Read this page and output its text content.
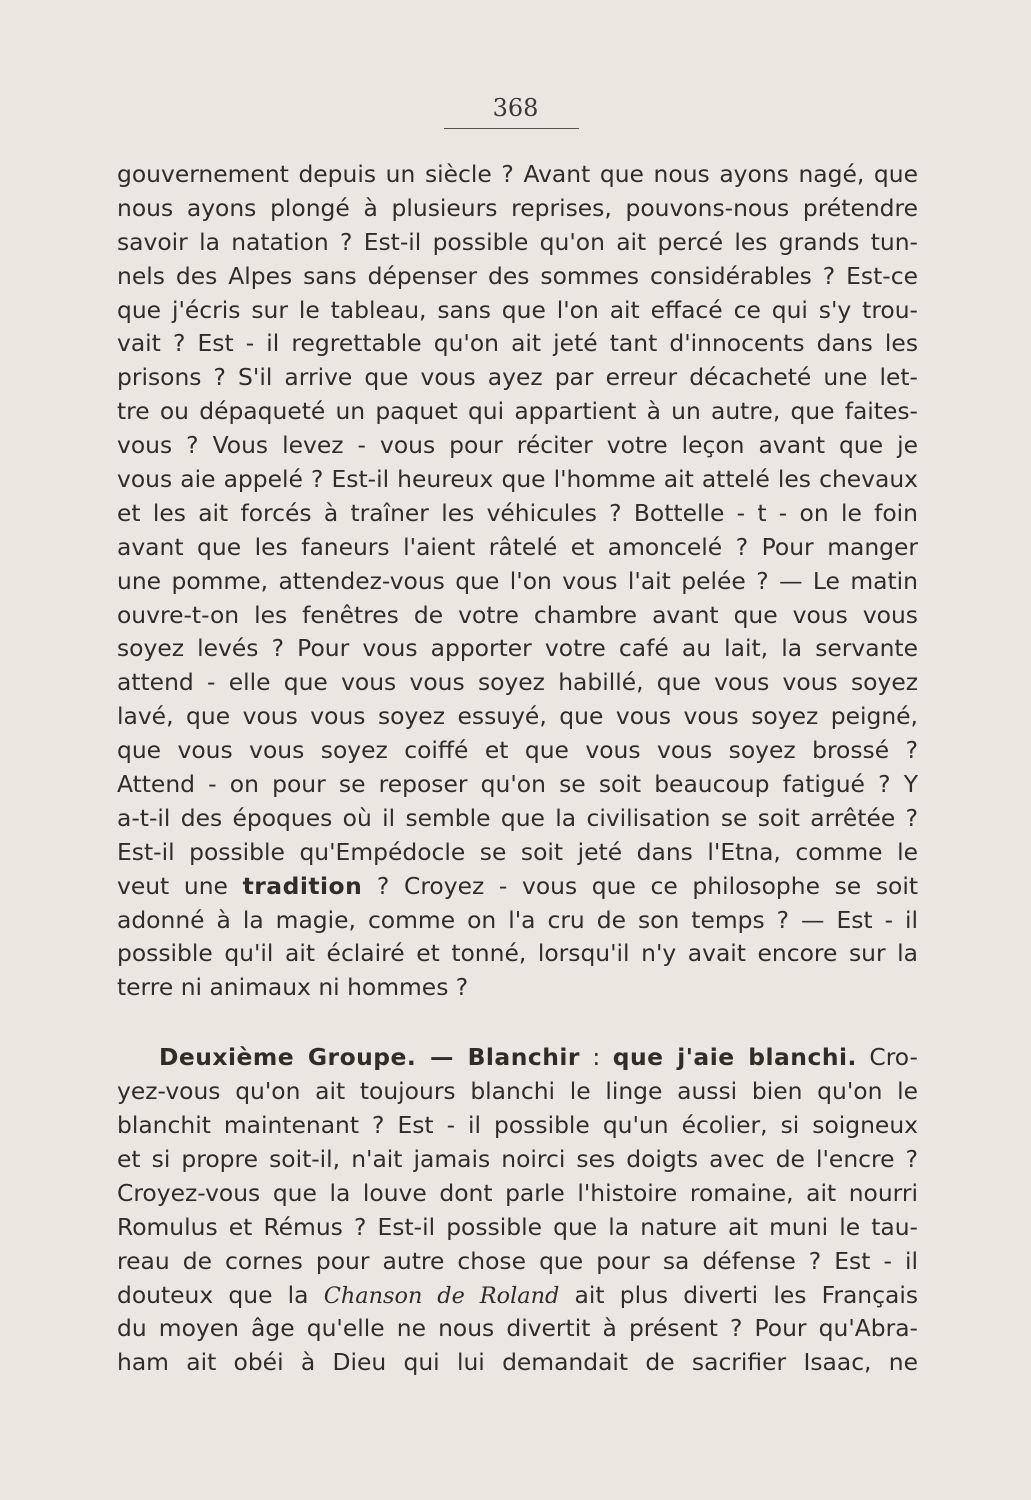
368
gouvernement depuis un siècle ? Avant que nous ayons nagé, que
nous ayons plongé à plusieurs reprises, pouvons-nous prétendre
savoir la natation ? Est-il possible qu'on ait percé les grands tun-
nels des Alpes sans dépenser des sommes considérables ? Est-ce
que j'écris sur le tableau, sans que l'on ait effacé ce qui s'y trou-
vait ? Est - il regrettable qu'on ait jeté tant d'innocents dans les
prisons ? S'il arrive que vous ayez par erreur décacheté une let-
tre ou dépaqueté un paquet qui appartient à un autre, que faites-
vous ? Vous levez - vous pour réciter votre leçon avant que je
vous aie appelé ? Est-il heureux que l'homme ait attelé les chevaux
et les ait forcés à traîner les véhicules ? Bottelle - t - on le foin
avant que les faneurs l'aient râtelé et amoncelé ? Pour manger
une pomme, attendez-vous que l'on vous l'ait pelée ? — Le matin
ouvre-t-on les fenêtres de votre chambre avant que vous vous
soyez levés ? Pour vous apporter votre café au lait, la servante
attend - elle que vous vous soyez habillé, que vous vous soyez
lavé, que vous vous soyez essuyé, que vous vous soyez peigné,
que vous vous soyez coiffé et que vous vous soyez brossé ?
Attend - on pour se reposer qu'on se soit beaucoup fatigué ? Y
a-t-il des époques où il semble que la civilisation se soit arrêtée ?
Est-il possible qu'Empédocle se soit jeté dans l'Etna, comme le
veut une tradition ? Croyez - vous que ce philosophe se soit
adonné à la magie, comme on l'a cru de son temps ? — Est - il
possible qu'il ait éclairé et tonné, lorsqu'il n'y avait encore sur la
terre ni animaux ni hommes ?
Deuxième Groupe. — Blanchir : que j'aie blanchi. Cro-
yez-vous qu'on ait toujours blanchi le linge aussi bien qu'on le
blanchit maintenant ? Est - il possible qu'un écolier, si soigneux
et si propre soit-il, n'ait jamais noirci ses doigts avec de l'encre ?
Croyez-vous que la louve dont parle l'histoire romaine, ait nourri
Romulus et Rémus ? Est-il possible que la nature ait muni le tau-
reau de cornes pour autre chose que pour sa défense ? Est - il
douteux que la Chanson de Roland ait plus diverti les Français
du moyen âge qu'elle ne nous divertit à présent ? Pour qu'Abra-
ham ait obéi à Dieu qui lui demandait de sacrifier Isaac, ne
